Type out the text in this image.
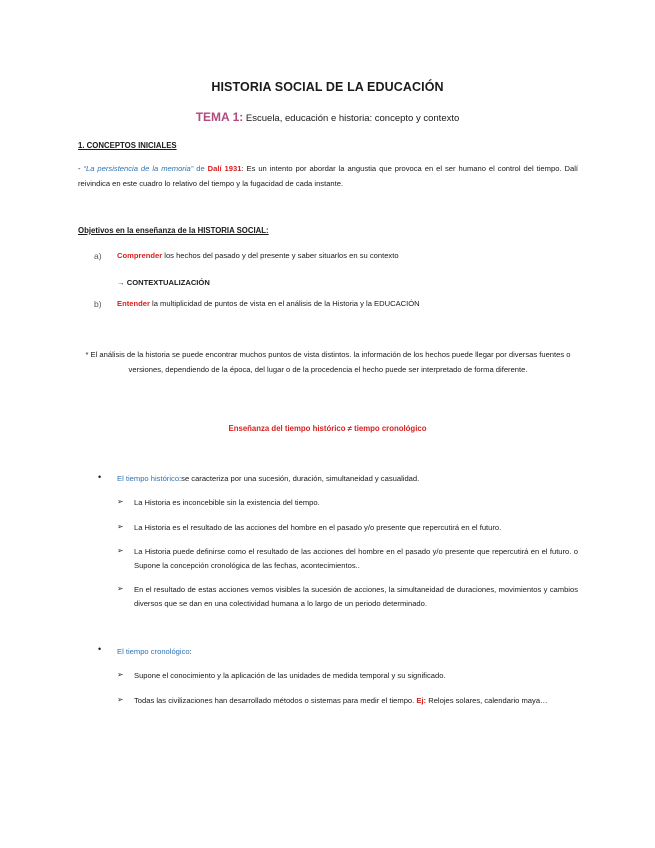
HISTORIA SOCIAL DE LA EDUCACIÓN
TEMA 1: Escuela, educación e historia: concepto y contexto
1. CONCEPTOS INICIALES
- “La persistencia de la memoria” de Dalí 1931: Es un intento por abordar la angustia que provoca en el ser humano el control del tiempo. Dalí reivindica en este cuadro lo relativo del tiempo y la fugacidad de cada instante.
Objetivos en la enseñanza de la HISTORIA SOCIAL:
a) Comprender los hechos del pasado y del presente y saber situarlos en su contexto
→ CONTEXTUALIZACIÓN
b) Entender la multiplicidad de puntos de vista en el análisis de la Historia y la EDUCACIÓN
* El análisis de la historia se puede encontrar muchos puntos de vista distintos. la información de los hechos puede llegar por diversas fuentes o versiones, dependiendo de la época, del lugar o de la procedencia el hecho puede ser interpretado de forma diferente.
Enseñanza del tiempo histórico ≠ tiempo cronológico
• El tiempo histórico:se caracteriza por una sucesión, duración, simultaneidad y casualidad.
➢ La Historia es inconcebible sin la existencia del tiempo.
➢ La Historia es el resultado de las acciones del hombre en el pasado y/o presente que repercutirá en el futuro.
➢ La Historia puede definirse como el resultado de las acciones del hombre en el pasado y/o presente que repercutirá en el futuro. o Supone la concepción cronológica de las fechas, acontecimientos..
➢ En el resultado de estas acciones vemos visibles la sucesión de acciones, la simultaneidad de duraciones, movimientos y cambios diversos que se dan en una colectividad humana a lo largo de un periodo determinado.
• El tiempo cronológico:
➢ Supone el conocimiento y la aplicación de las unidades de medida temporal y su significado.
➢ Todas las civilizaciones han desarrollado métodos o sistemas para medir el tiempo. Ej: Relojes solares, calendario maya…
